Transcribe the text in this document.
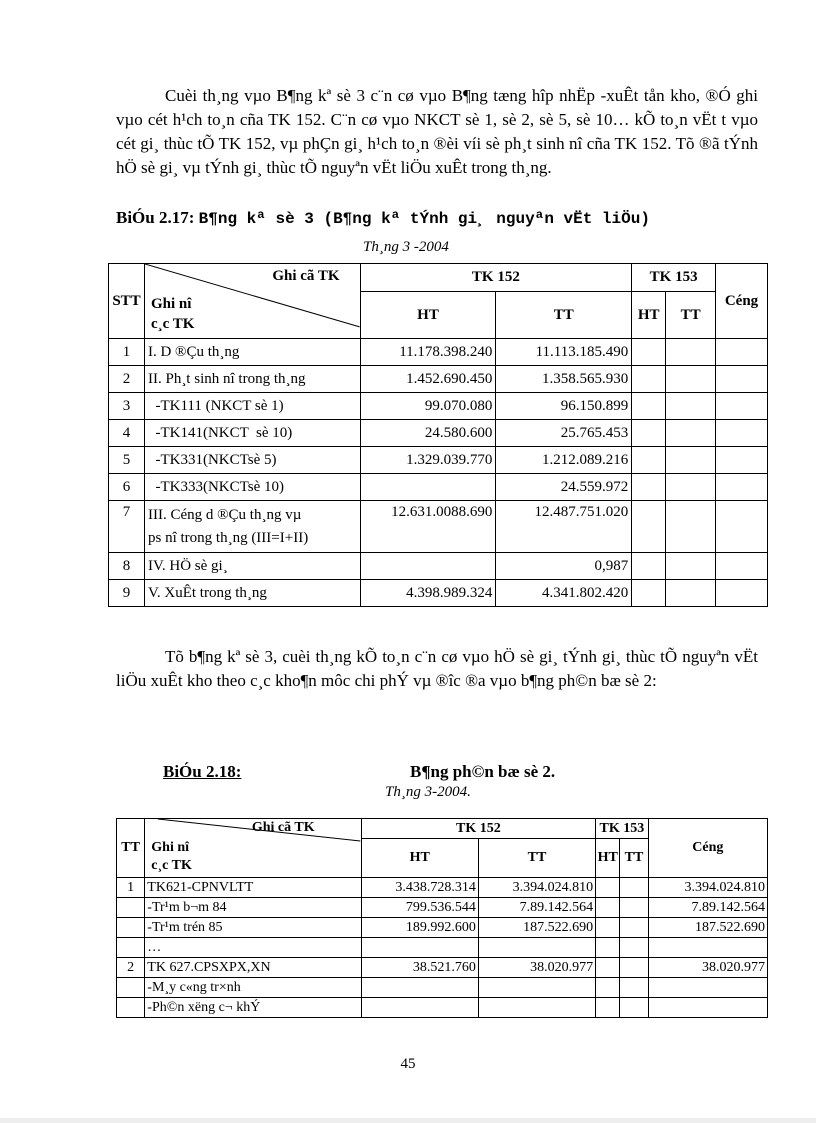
Cuèi th¸ng vµo B¶ng kª sè 3 c¨n cø vµo B¶ng tæng hîp nhËp -xuÊt tån kho, ®Ó ghi vµo cét h¹ch to¸n cña TK 152. C¨n cø vµo NKCT sè 1, sè 2, sè 5, sè 10… kÕ to¸n vËt t vµo cét gi¸ thùc tÕ TK 152, vµ phÇn gi¸ h¹ch to¸n ®èi víi sè ph¸t sinh nî cña TK 152. Tõ ®ã tÝnh hÖ sè gi¸ vµ tÝnh gi¸ thùc tÕ nguyªn vËt liÖu xuÊt trong th¸ng.

BiÓu 2.17: B¶ng kª sè 3 (B¶ng kª tÝnh gi¸ nguyªn vËt liÖu)
Th¸ng 3 -2004
STT	Ghi cã TK
Ghi nî
c¸c TK	TK 152		TK 153		Céng
		HT	TT	HT	TT	
1	I. D ®Çu th¸ng	11.178.398.240	11.113.185.490			
2	II. Ph¸t sinh nî trong th¸ng	1.452.690.450	1.358.565.930			
3	-TK111 (NKCT sè 1)	99.070.080	96.150.899			
4	-TK141(NKCT  sè 10)	24.580.600	25.765.453			
5	-TK331(NKCTsè 5)	1.329.039.770	1.212.089.216			
6	-TK333(NKCTsè 10)		24.559.972			
7	III. Céng d ®Çu th¸ng vµ
ps nî trong th¸ng (III=I+II)	12.631.0088.690	12.487.751.020			
8	IV. HÖ sè gi¸		0,987			
9	V. XuÊt trong th¸ng	4.398.989.324	4.341.802.420			

Tõ b¶ng kª sè 3, cuèi th¸ng kÕ to¸n c¨n cø vµo hÖ sè gi¸ tÝnh gi¸ thùc tÕ nguyªn vËt liÖu xuÊt kho theo c¸c kho¶n môc chi phÝ vµ ®îc ®a vµo b¶ng ph©n bæ sè 2:

BiÓu 2.18:	B¶ng ph©n bæ sè 2.
Th¸ng 3-2004.
TT	Ghi cã TK
Ghi nî
c¸c TK	TK 152		TK 153		Céng
		HT	TT	HT	TT	
1	TK621-CPNVLTT	3.438.728.314	3.394.024.810			3.394.024.810
	-Tr¹m b¬m 84	799.536.544	7.89.142.564			7.89.142.564
	-Tr¹m trén 85	189.992.600	187.522.690			187.522.690
	…					
2	TK 627.CPSXPX,XN	38.521.760	38.020.977			38.020.977
	-M¸y c«ng tr×nh					
	-Ph©n xëng c¬ khÝ					
45
